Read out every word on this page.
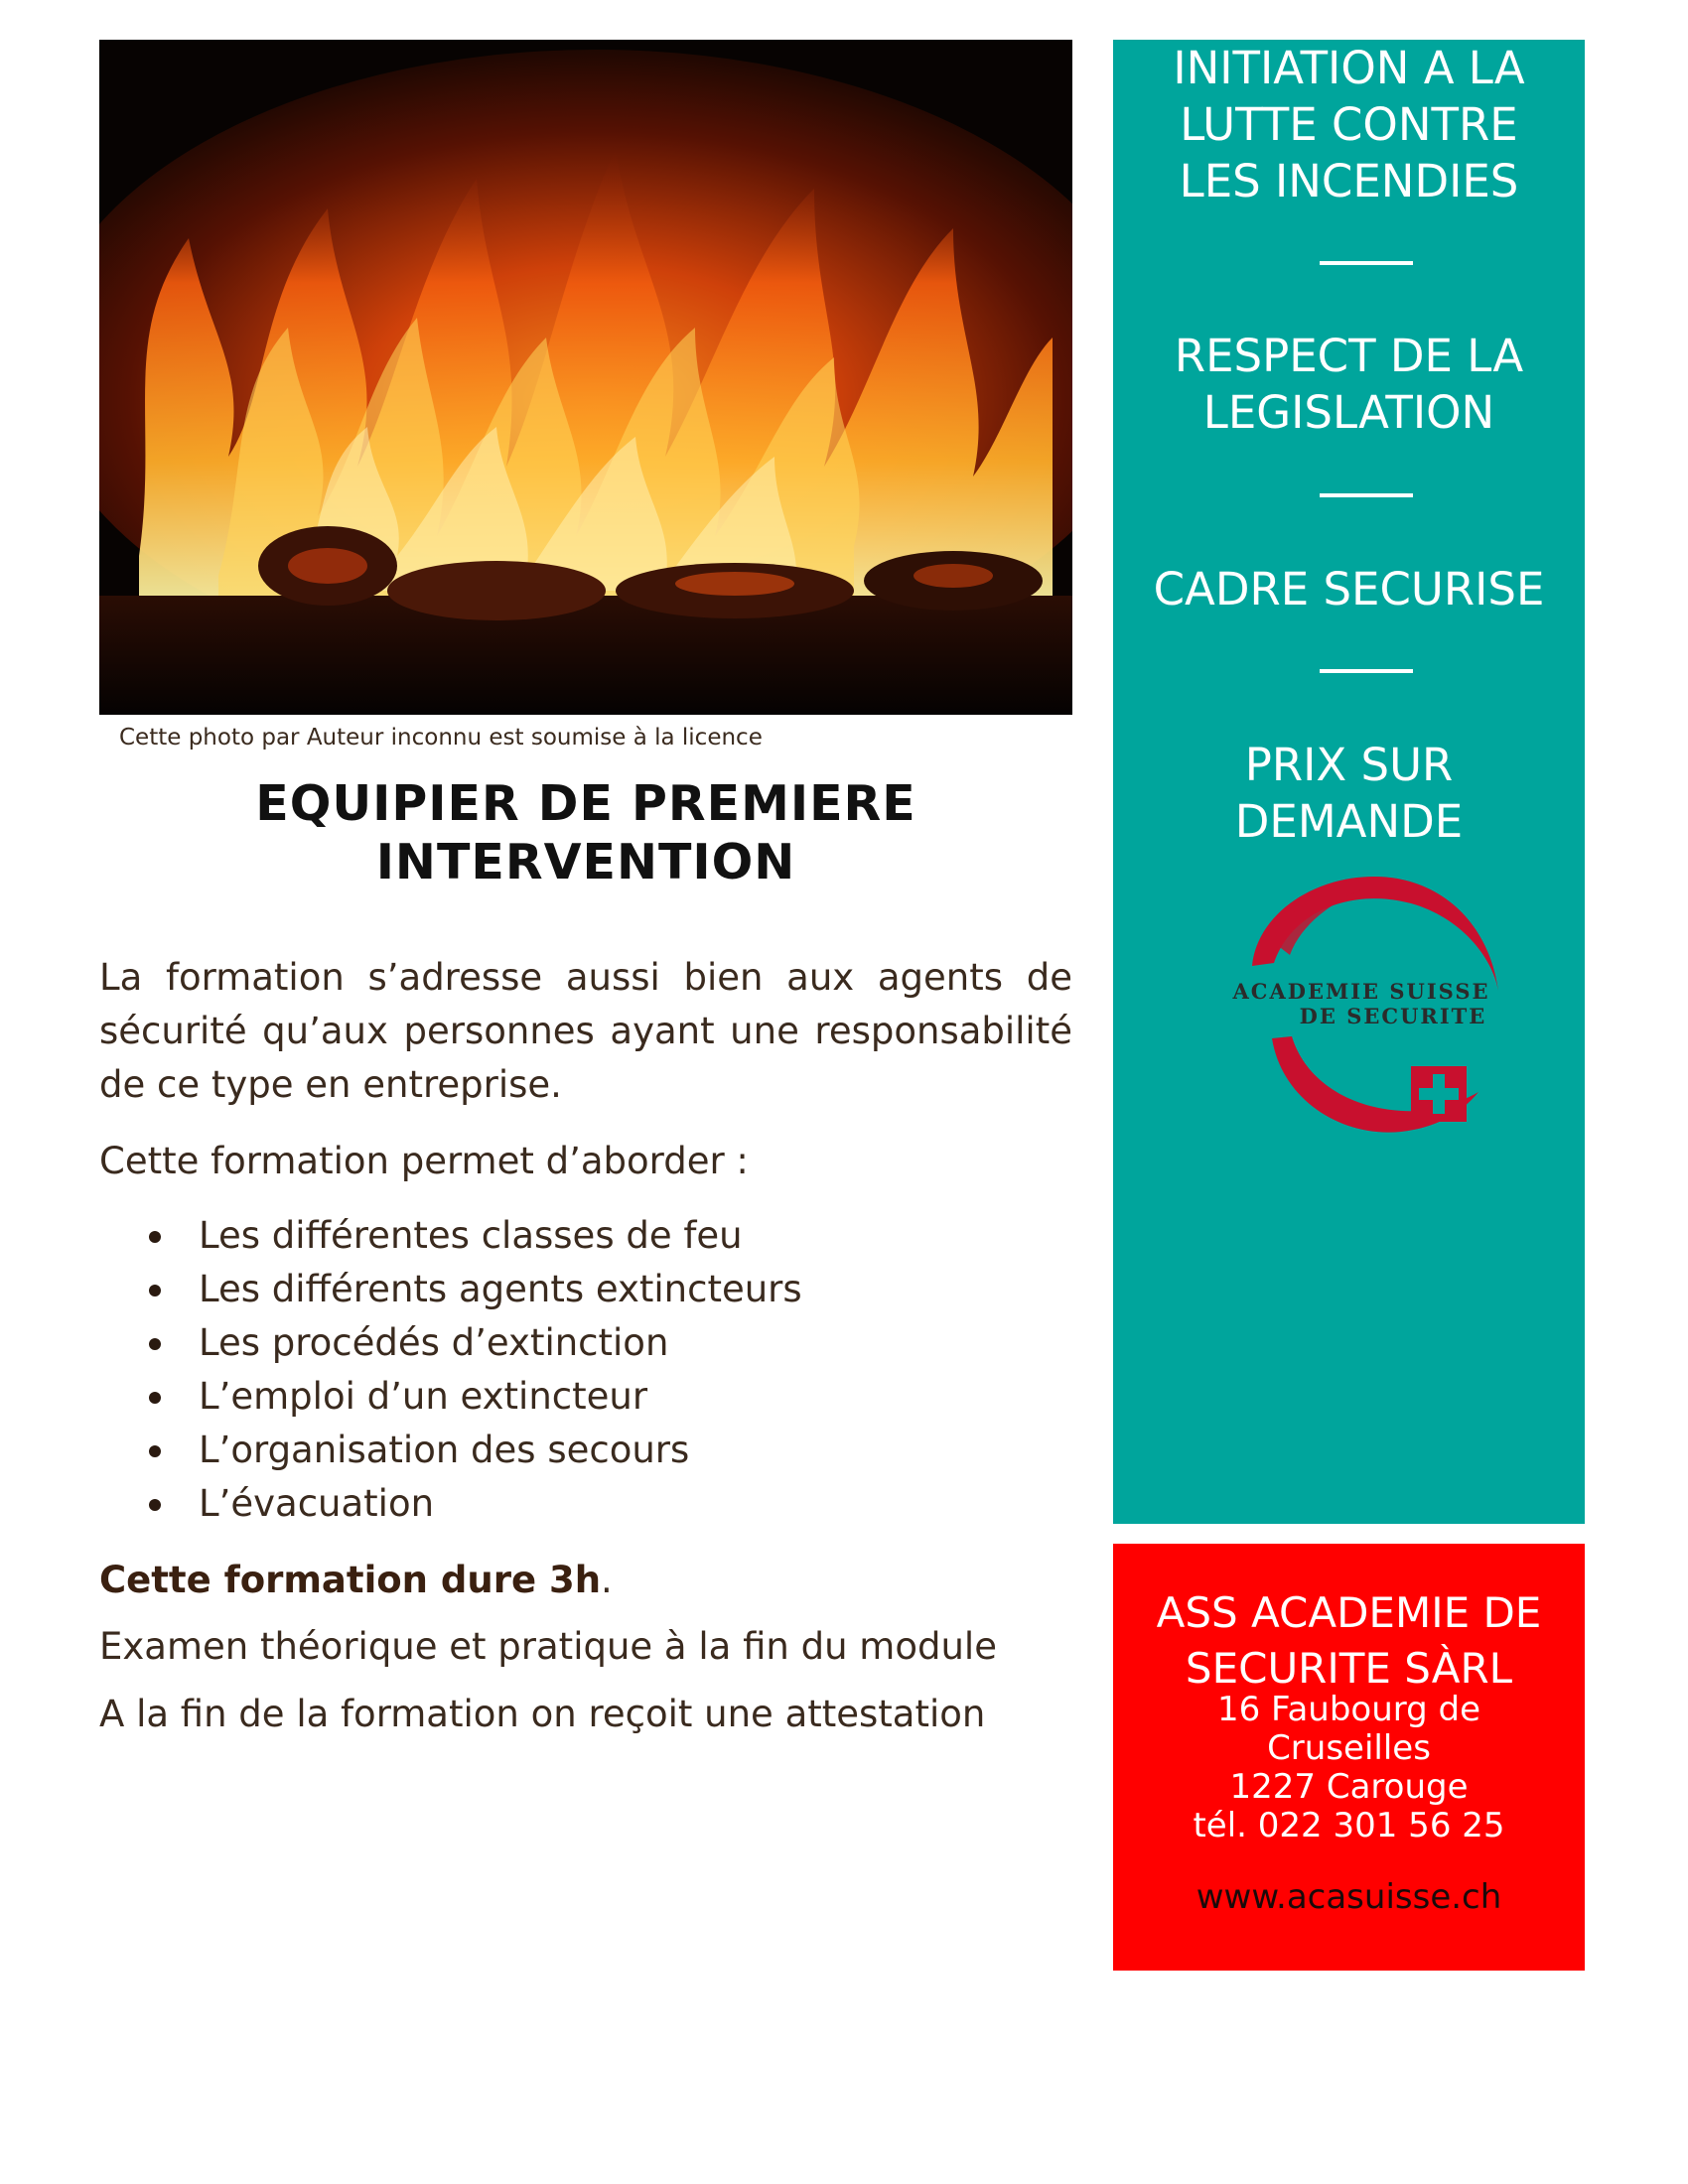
Cette photo par Auteur inconnu est soumise à la licence
EQUIPIER DE PREMIERE
INTERVENTION
La formation s’adresse aussi bien aux agents de sécurité qu’aux personnes ayant une responsabilité de ce type en entreprise.
Cette formation permet d’aborder :
Les différentes classes de feu
Les différents agents extincteurs
Les procédés d’extinction
L’emploi d’un extincteur
L’organisation des secours
L’évacuation
Cette formation dure 3h.
Examen théorique et pratique à la fin du module
A la fin de la formation on reçoit une attestation
INITIATION A LA
LUTTE CONTRE
LES INCENDIES
RESPECT DE LA
LEGISLATION
CADRE SECURISE
PRIX SUR
DEMANDE
ACADEMIE SUISSE
DE SECURITE
ASS ACADEMIE DE
SECURITE SÀRL
16 Faubourg de
Cruseilles
1227 Carouge
tél. 022 301 56 25
www.acasuisse.ch
